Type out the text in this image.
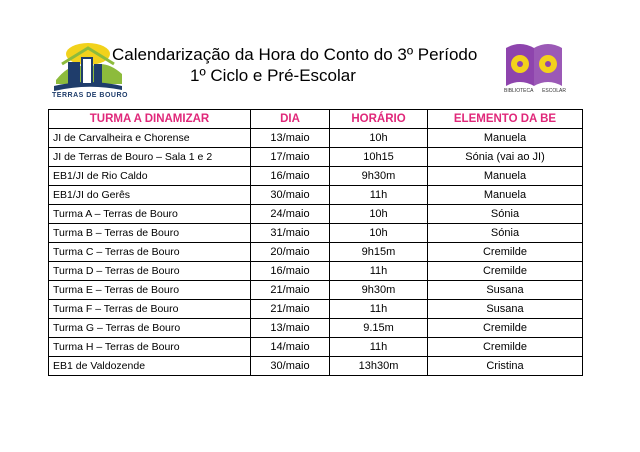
TERRAS DE BOURO
Calendarização da Hora do Conto do 3º Período
1º Ciclo e Pré-Escolar
BIBLIOTECA ESCOLAR
TURMA A DINAMIZAR	DIA	HORÁRIO	ELEMENTO DA BE
JI de Carvalheira e Chorense	13/maio	10h	Manuela
JI de Terras de Bouro – Sala 1 e 2	17/maio	10h15	Sónia (vai ao JI)
EB1/JI de Rio Caldo	16/maio	9h30m	Manuela
EB1/JI do Gerês	30/maio	11h	Manuela
Turma A – Terras de Bouro	24/maio	10h	Sónia
Turma B – Terras de Bouro	31/maio	10h	Sónia
Turma C – Terras de Bouro	20/maio	9h15m	Cremilde
Turma D – Terras de Bouro	16/maio	11h	Cremilde
Turma E – Terras de Bouro	21/maio	9h30m	Susana
Turma F – Terras de Bouro	21/maio	11h	Susana
Turma G – Terras de Bouro	13/maio	9.15m	Cremilde
Turma H – Terras de Bouro	14/maio	11h	Cremilde
EB1 de Valdozende	30/maio	13h30m	Cristina
